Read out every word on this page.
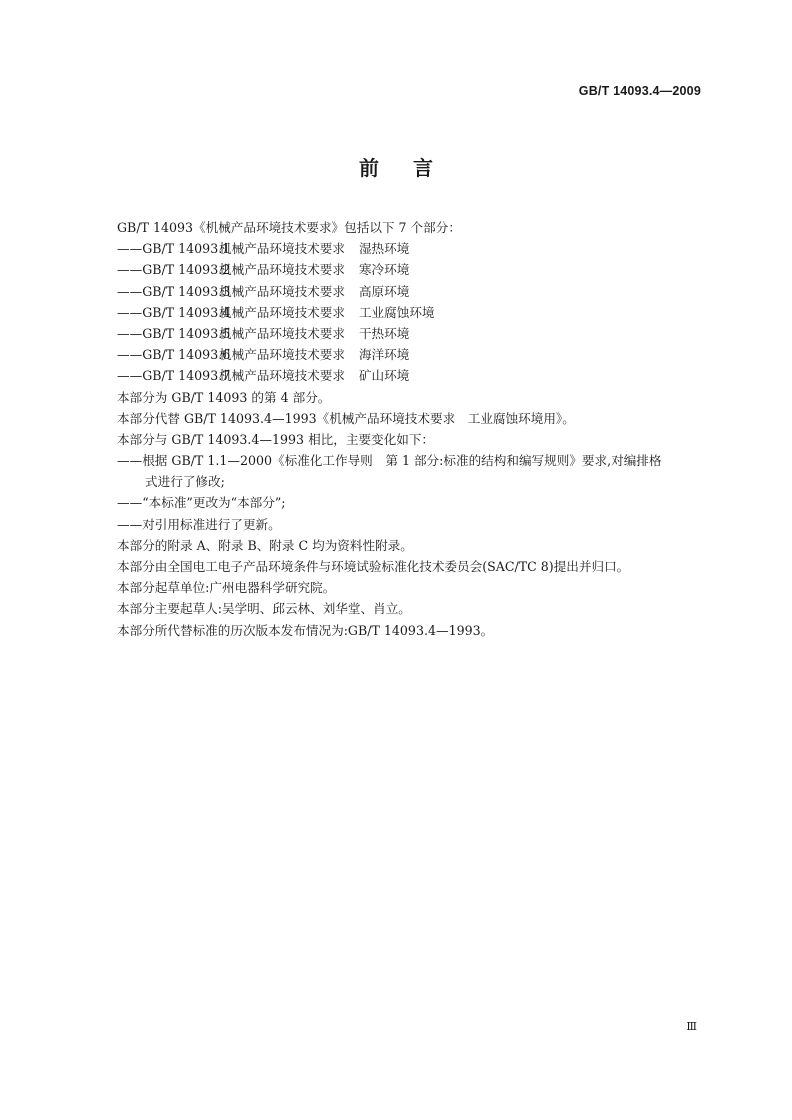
GB/T 14093.4—2009
前言
GB/T 14093《机械产品环境技术要求》包括以下 7 个部分：
——GB/T 14093.1机械产品环境技术要求 湿热环境
——GB/T 14093.2机械产品环境技术要求 寒冷环境
——GB/T 14093.3机械产品环境技术要求 高原环境
——GB/T 14093.4机械产品环境技术要求 工业腐蚀环境
——GB/T 14093.5机械产品环境技术要求 干热环境
——GB/T 14093.6机械产品环境技术要求 海洋环境
——GB/T 14093.7机械产品环境技术要求 矿山环境
本部分为 GB/T 14093 的第 4 部分。
本部分代替 GB/T 14093.4—1993《机械产品环境技术要求　工业腐蚀环境用》。
本部分与 GB/T 14093.4—1993 相比，主要变化如下：
——根据 GB/T 1.1—2000《标准化工作导则　第 1 部分:标准的结构和编写规则》要求,对编排格
式进行了修改;
——“本标准”更改为“本部分”;
——对引用标准进行了更新。
本部分的附录 A、附录 B、附录 C 均为资料性附录。
本部分由全国电工电子产品环境条件与环境试验标准化技术委员会(SAC/TC 8)提出并归口。
本部分起草单位:广州电器科学研究院。
本部分主要起草人:吴学明、邱云林、刘华堂、肖立。
本部分所代替标准的历次版本发布情况为:GB/T 14093.4—1993。
Ⅲ
